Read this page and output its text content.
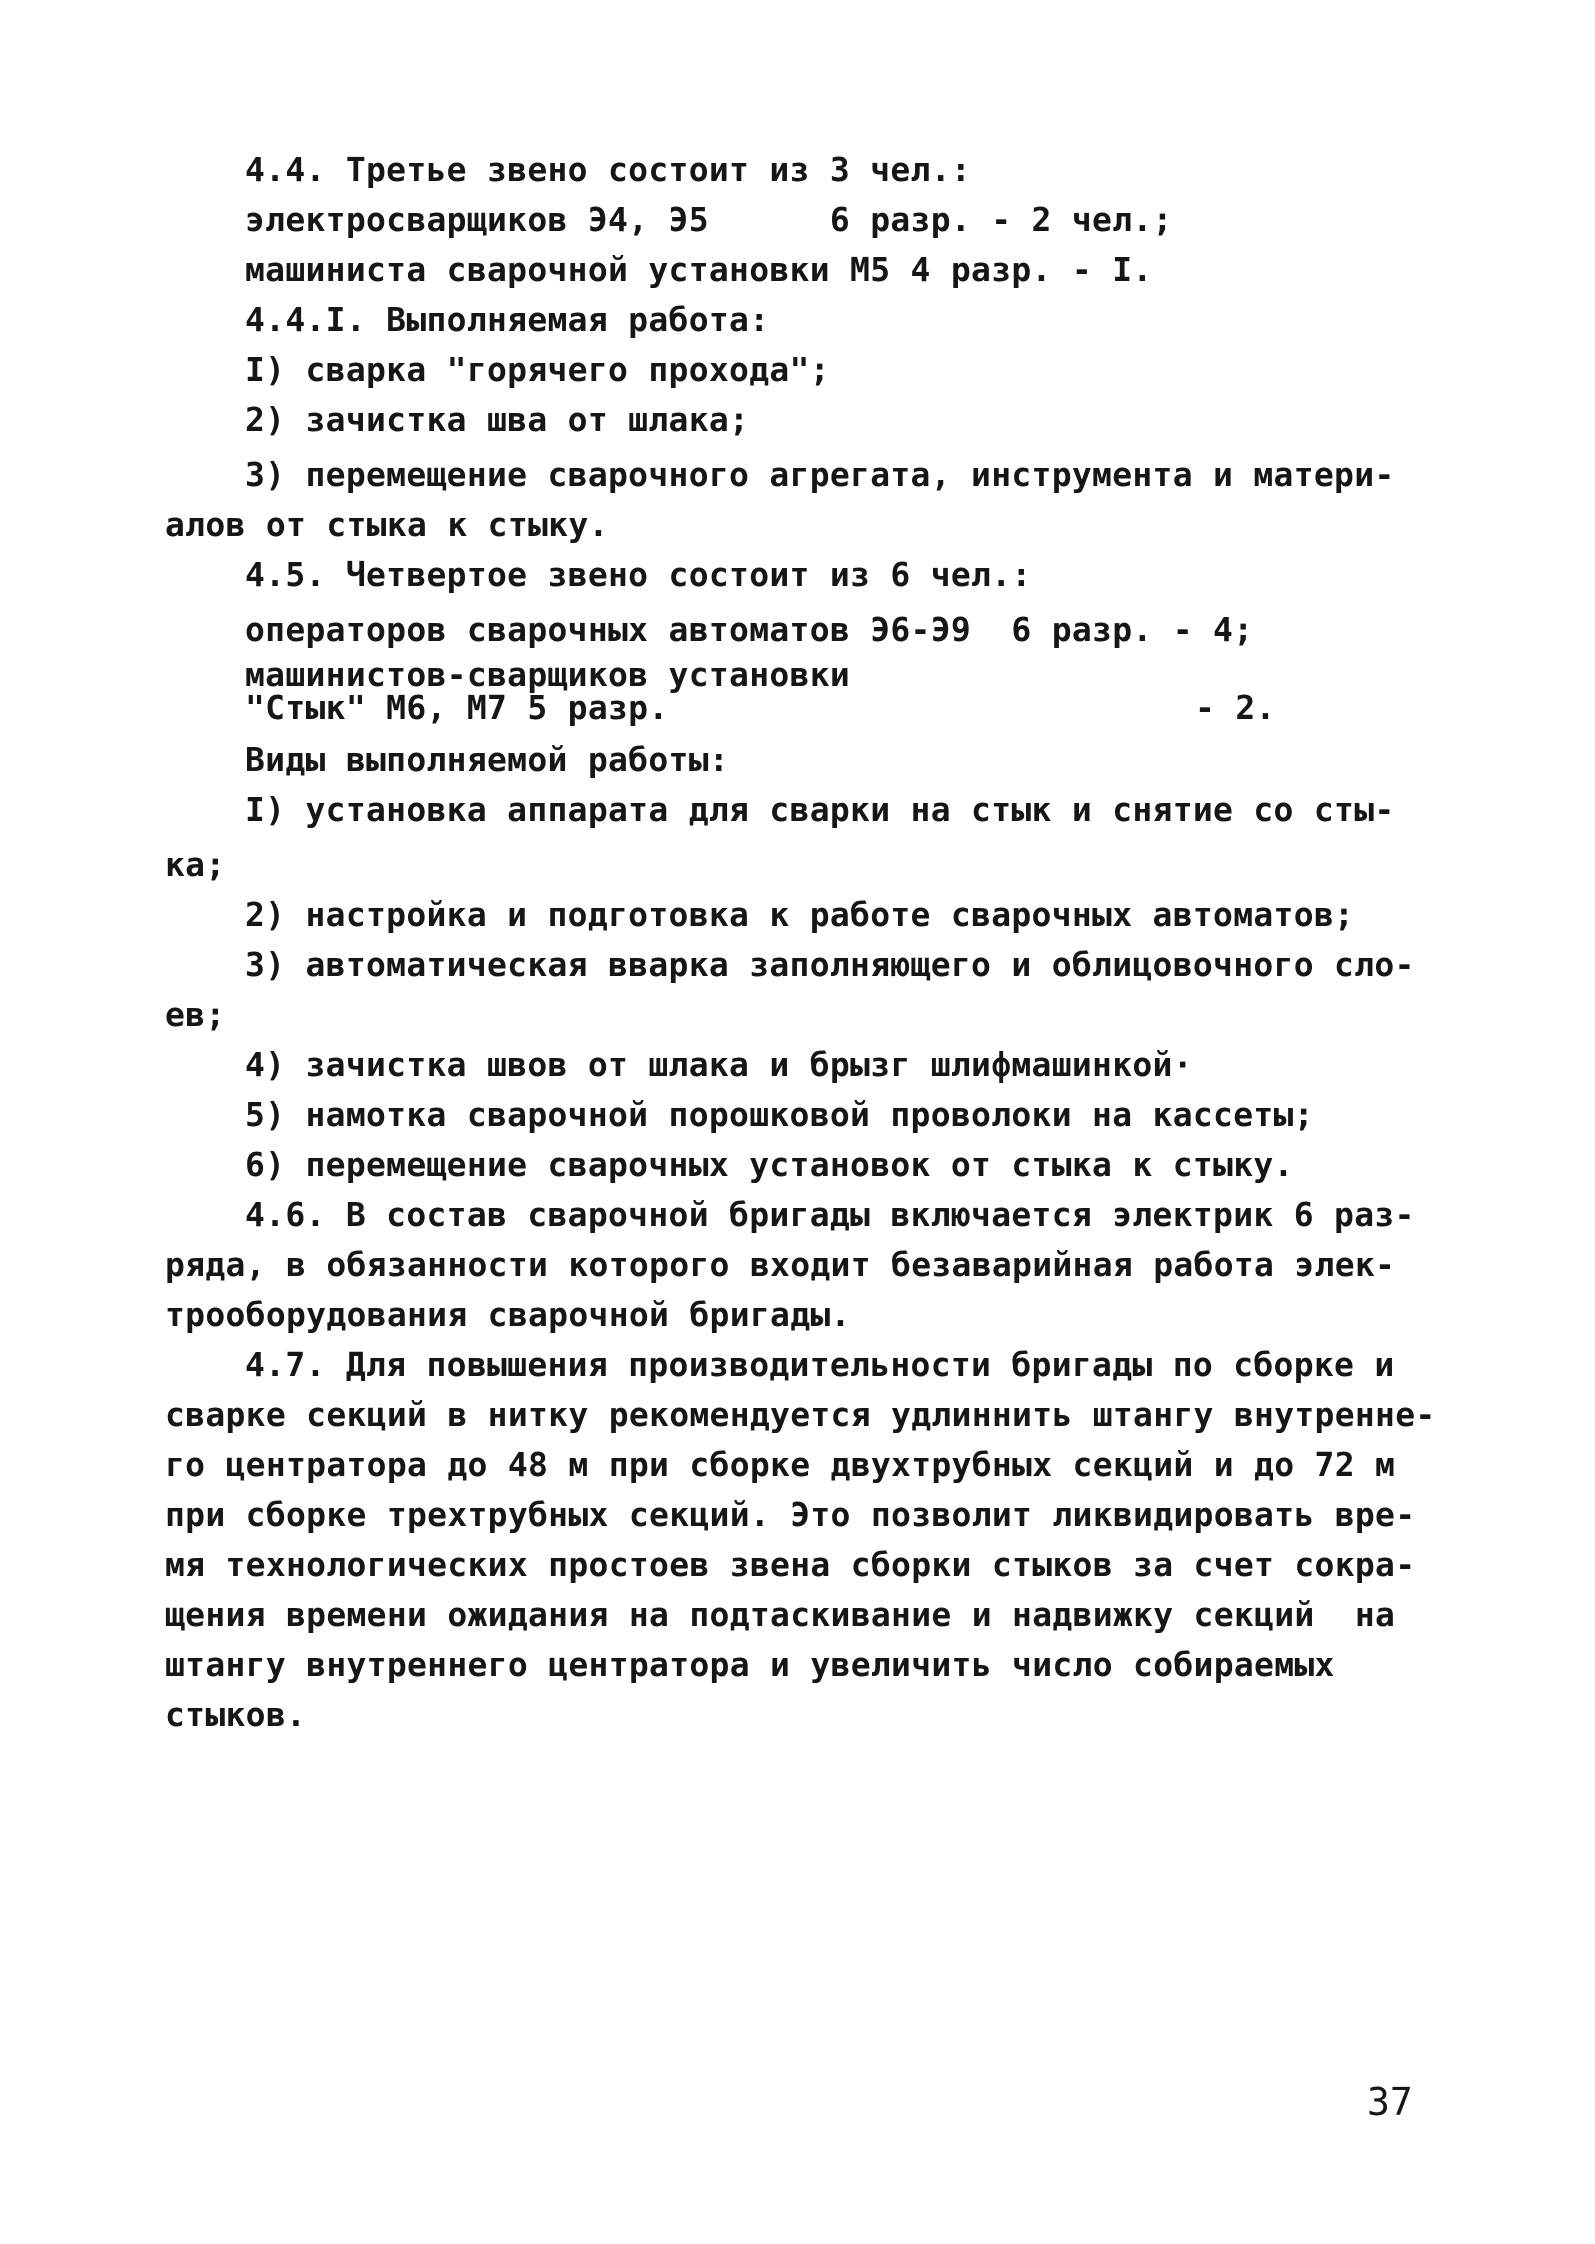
4.4. Третье звено состоит из 3 чел.:
электросварщиков Э4, Э5      6 разр. - 2 чел.;
машиниста сварочной установки М5 4 разр. - I.
4.4.I. Выполняемая работа:
I) сварка "горячего прохода";
2) зачистка шва от шлака;
3) перемещение сварочного агрегата, инструмента и матери-
алов от стыка к стыку.
4.5. Четвертое звено состоит из 6 чел.:
операторов сварочных автоматов Э6-Э9  6 разр. - 4;
машинистов-сварщиков установки
"Стык" М6, М7 5 разр.	- 2.
Виды выполняемой работы:
I) установка аппарата для сварки на стык и снятие со сты-
ка;
2) настройка и подготовка к работе сварочных автоматов;
3) автоматическая вварка заполняющего и облицовочного сло-
ев;
4) зачистка швов от шлака и брызг шлифмашинкой·
5) намотка сварочной порошковой проволоки на кассеты;
6) перемещение сварочных установок от стыка к стыку.
4.6. В состав сварочной бригады включается электрик 6 раз-
ряда, в обязанности которого входит безаварийная работа элек-
трооборудования сварочной бригады.
4.7. Для повышения производительности бригады по сборке и
сварке секций в нитку рекомендуется удлиннить штангу внутренне-
го центратора до 48 м при сборке двухтрубных секций и до 72 м
при сборке трехтрубных секций. Это позволит ликвидировать вре-
мя технологических простоев звена сборки стыков за счет сокра-
щения времени ожидания на подтаскивание и надвижку секций  на
штангу внутреннего центратора и увеличить число собираемых
стыков.
37
